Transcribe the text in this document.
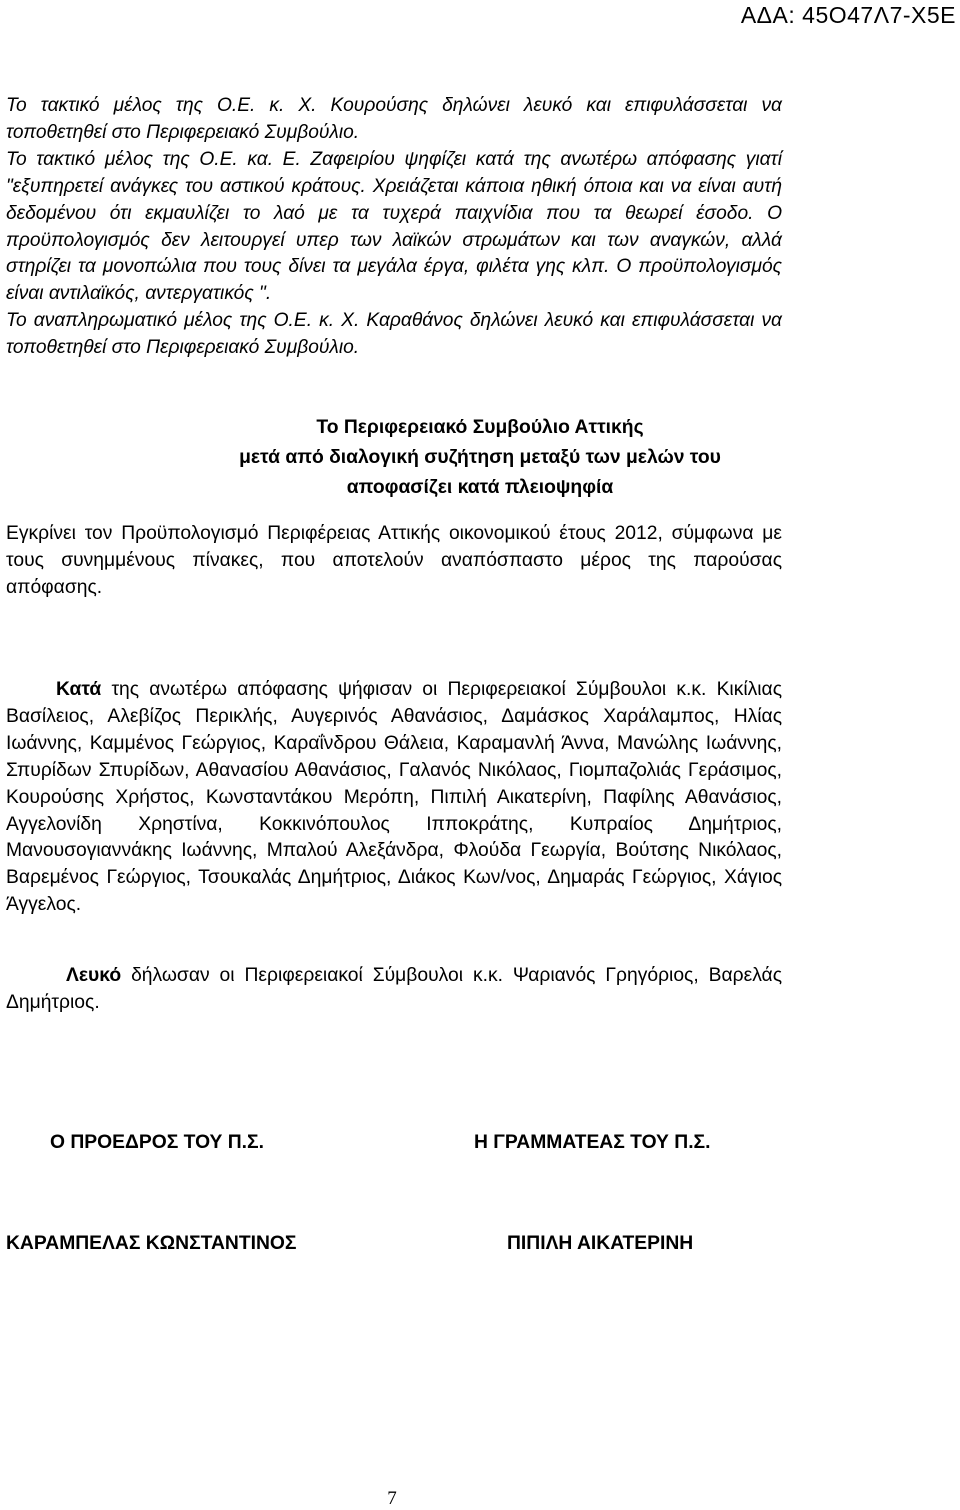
ΑΔΑ: 45Ο47Λ7-Χ5Ε

Το τακτικό μέλος της Ο.Ε. κ. Χ. Κουρούσης δηλώνει λευκό και επιφυλάσσεται να τοποθετηθεί στο Περιφερειακό Συμβούλιο.

Το τακτικό μέλος της Ο.Ε. κα. Ε. Ζαφειρίου ψηφίζει κατά της ανωτέρω απόφασης γιατί "εξυπηρετεί ανάγκες του αστικού κράτους. Χρειάζεται κάποια ηθική όποια και να είναι αυτή δεδομένου ότι εκμαυλίζει το λαό με τα τυχερά παιχνίδια που τα θεωρεί έσοδο. Ο προϋπολογισμός δεν λειτουργεί υπερ των λαϊκών στρωμάτων και των αναγκών, αλλά στηρίζει τα μονοπώλια που τους δίνει τα μεγάλα έργα, φιλέτα γης κλπ. Ο προϋπολογισμός είναι αντιλαϊκός, αντεργατικός ".

Το αναπληρωματικό μέλος της Ο.Ε. κ. Χ. Καραθάνος δηλώνει λευκό και επιφυλάσσεται να τοποθετηθεί στο Περιφερειακό Συμβούλιο.

Το Περιφερειακό Συμβούλιο Αττικής
μετά από διαλογική συζήτηση μεταξύ των μελών του
αποφασίζει κατά πλειοψηφία

Εγκρίνει τον Προϋπολογισμό Περιφέρειας Αττικής οικονομικού έτους 2012, σύμφωνα με τους συνημμένους πίνακες, που αποτελούν αναπόσπαστο μέρος της παρούσας απόφασης.

Κατά της ανωτέρω απόφασης ψήφισαν οι Περιφερειακοί Σύμβουλοι κ.κ. Κικίλιας Βασίλειος, Αλεβίζος Περικλής, Αυγερινός Αθανάσιος, Δαμάσκος Χαράλαμπος, Ηλίας Ιωάννης, Καμμένος Γεώργιος, Καραΐνδρου Θάλεια, Καραμανλή Άννα, Μανώλης Ιωάννης, Σπυρίδων Σπυρίδων, Αθανασίου Αθανάσιος, Γαλανός Νικόλαος, Γιομπαζολιάς Γεράσιμος, Κουρούσης Χρήστος, Κωνσταντάκου Μερόπη, Πιπιλή Αικατερίνη, Παφίλης Αθανάσιος, Αγγελονίδη Χρηστίνα, Κοκκινόπουλος Ιπποκράτης, Κυπραίος Δημήτριος, Μανουσογιαννάκης Ιωάννης, Μπαλού Αλεξάνδρα, Φλούδα Γεωργία, Βούτσης Νικόλαος, Βαρεμένος Γεώργιος, Τσουκαλάς Δημήτριος, Διάκος Κων/νος, Δημαράς Γεώργιος, Χάγιος Άγγελος.

Λευκό δήλωσαν οι Περιφερειακοί Σύμβουλοι κ.κ. Ψαριανός Γρηγόριος, Βαρελάς Δημήτριος.

Ο ΠΡΟΕΔΡΟΣ ΤΟΥ Π.Σ.	Η ΓΡΑΜΜΑΤΕΑΣ ΤΟΥ Π.Σ.
ΚΑΡΑΜΠΕΛΑΣ ΚΩΝΣΤΑΝΤΙΝΟΣ	ΠΙΠΙΛΗ ΑΙΚΑΤΕΡΙΝΗ
7
